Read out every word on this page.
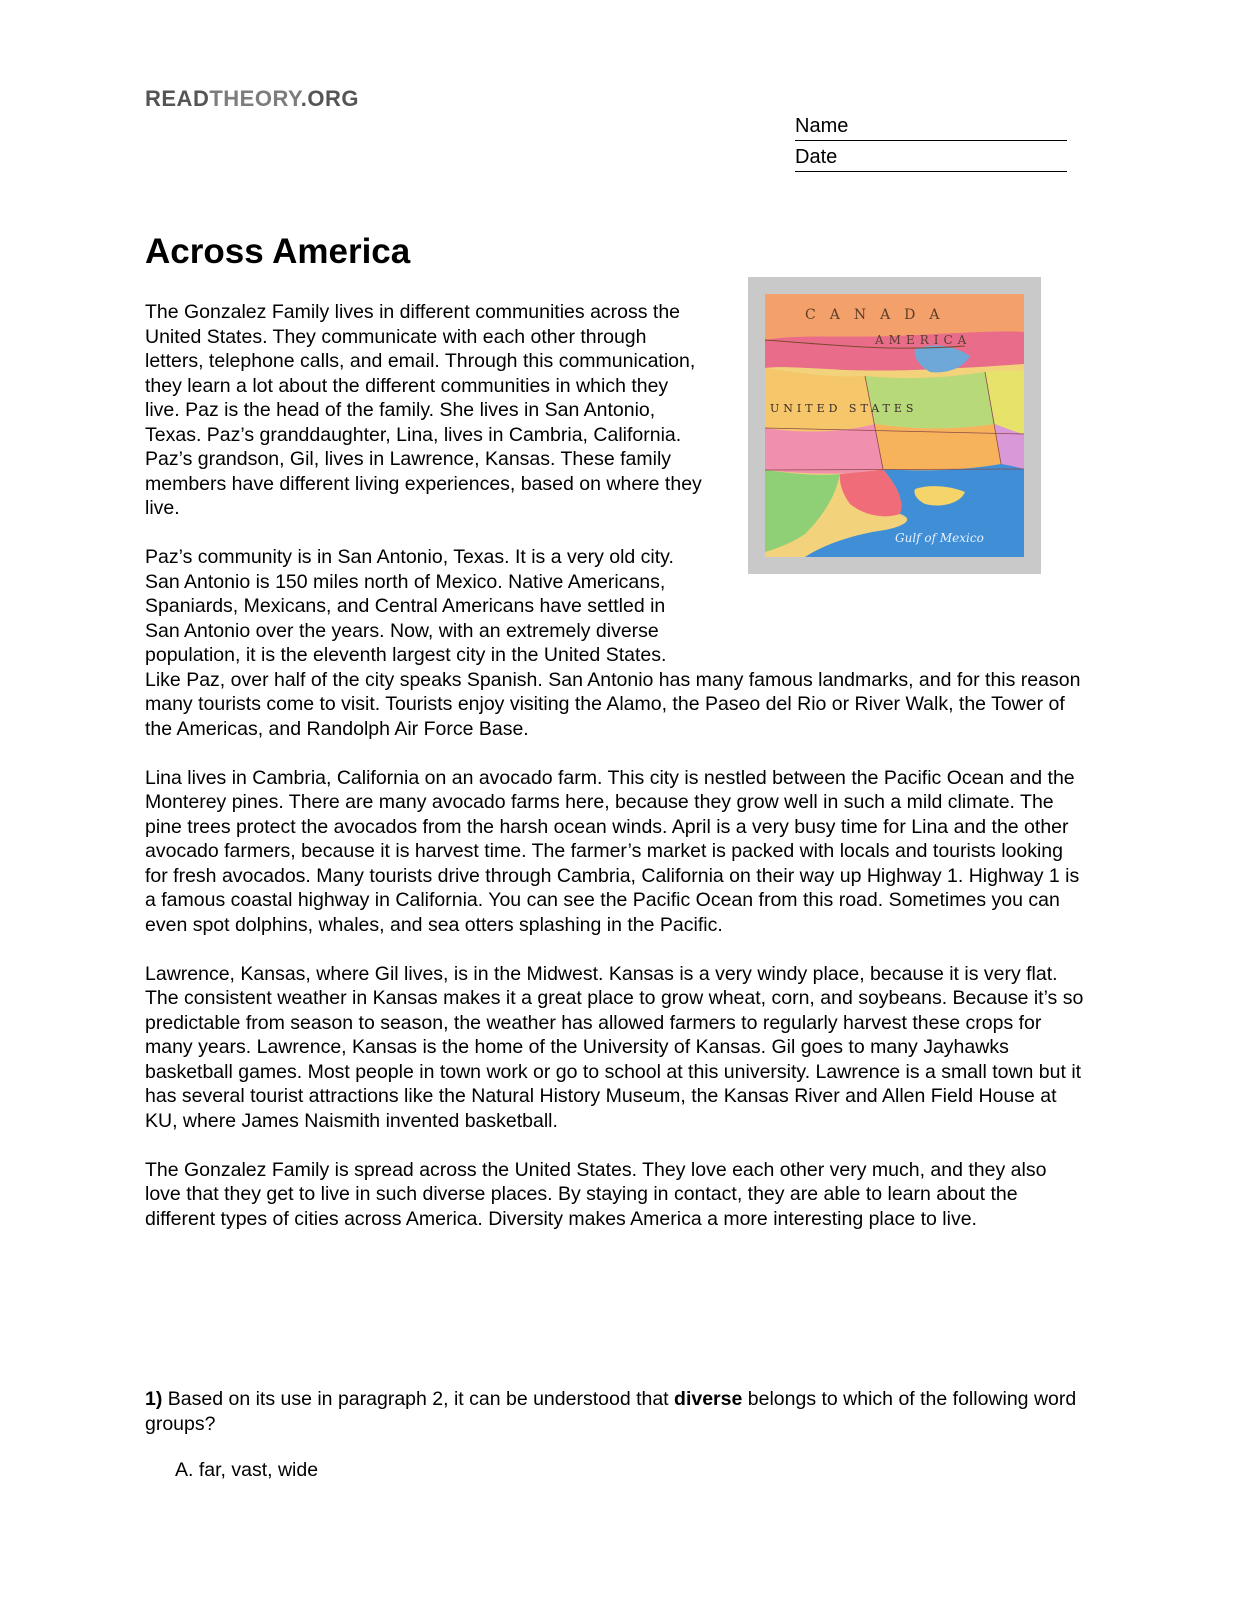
READTHEORY.ORG
Name
Date
Across America
CANADA
AMERICA
UNITED STATES
Gulf of Mexico

The Gonzalez Family lives in different communities across the United States. They communicate with each other through letters, telephone calls, and email. Through this communication, they learn a lot about the different communities in which they live. Paz is the head of the family. She lives in San Antonio, Texas. Paz’s granddaughter, Lina, lives in Cambria, California. Paz’s grandson, Gil, lives in Lawrence, Kansas. These family members have different living experiences, based on where they live.

Paz’s community is in San Antonio, Texas. It is a very old city. San Antonio is 150 miles north of Mexico. Native Americans, Spaniards, Mexicans, and Central Americans have settled in San Antonio over the years. Now, with an extremely diverse population, it is the eleventh largest city in the United States. Like Paz, over half of the city speaks Spanish. San Antonio has many famous landmarks, and for this reason many tourists come to visit. Tourists enjoy visiting the Alamo, the Paseo del Rio or River Walk, the Tower of the Americas, and Randolph Air Force Base.

Lina lives in Cambria, California on an avocado farm. This city is nestled between the Pacific Ocean and the Monterey pines. There are many avocado farms here, because they grow well in such a mild climate. The pine trees protect the avocados from the harsh ocean winds. April is a very busy time for Lina and the other avocado farmers, because it is harvest time. The farmer’s market is packed with locals and tourists looking for fresh avocados. Many tourists drive through Cambria, California on their way up Highway 1. Highway 1 is a famous coastal highway in California. You can see the Pacific Ocean from this road. Sometimes you can even spot dolphins, whales, and sea otters splashing in the Pacific.

Lawrence, Kansas, where Gil lives, is in the Midwest. Kansas is a very windy place, because it is very flat. The consistent weather in Kansas makes it a great place to grow wheat, corn, and soybeans. Because it’s so predictable from season to season, the weather has allowed farmers to regularly harvest these crops for many years. Lawrence, Kansas is the home of the University of Kansas. Gil goes to many Jayhawks basketball games. Most people in town work or go to school at this university. Lawrence is a small town but it has several tourist attractions like the Natural History Museum, the Kansas River and Allen Field House at KU, where James Naismith invented basketball.

The Gonzalez Family is spread across the United States. They love each other very much, and they also love that they get to live in such diverse places. By staying in contact, they are able to learn about the different types of cities across America. Diversity makes America a more interesting place to live.

1) Based on its use in paragraph 2, it can be understood that diverse belongs to which of the following word groups?

A. far, vast, wide
